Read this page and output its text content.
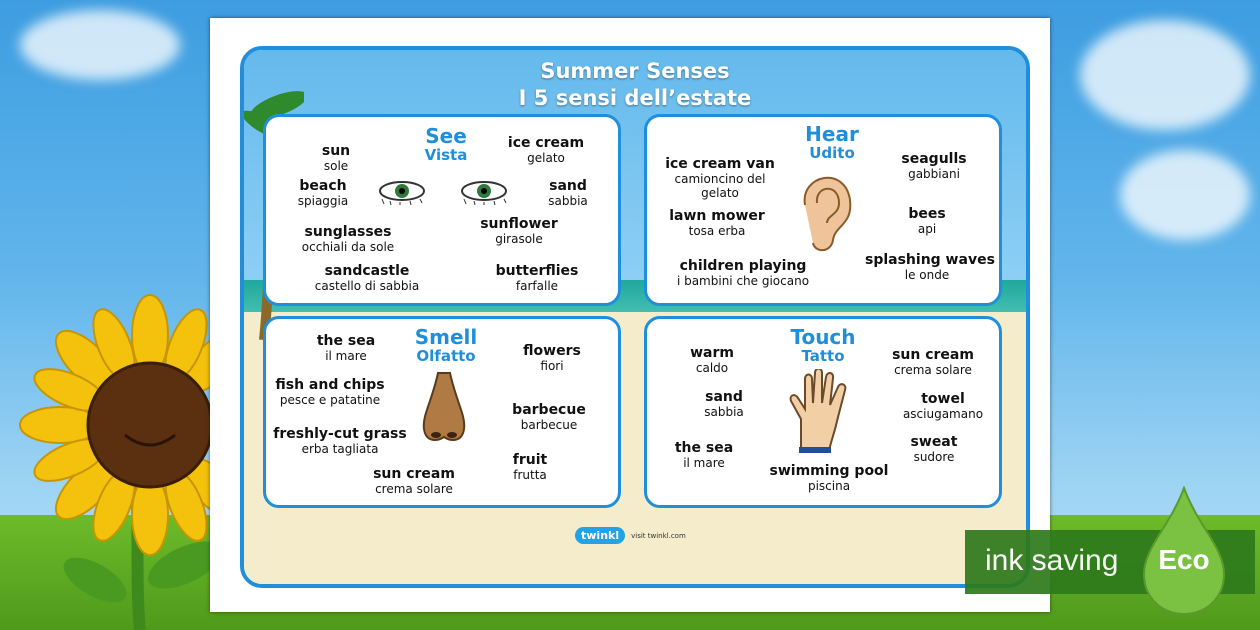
Summer Senses
I 5 sensi dell’estate
See
Vista
sun
sole
ice cream
gelato
beach
spiaggia
sand
sabbia
sunglasses
occhiali da sole
sunflower
girasole
sandcastle
castello di sabbia
butterflies
farfalle
Hear
Udito
ice cream van
camioncino del gelato
seagulls
gabbiani
lawn mower
tosa erba
bees
api
children playing
i bambini che giocano
splashing waves
le onde
Smell
Olfatto
the sea
il mare	flowers
fiori
fish and chips
pesce e patatine
barbecue
barbecue
freshly-cut grass
erba tagliata
fruit
frutta
sun cream
crema solare
Touch
Tatto
warm
caldo
sun cream
crema solare
sand
sabbia
towel
asciugamano
the sea
il mare
sweat
sudore
swimming pool
piscina
twinkl	visit twinkl.com
ink saving	Eco
